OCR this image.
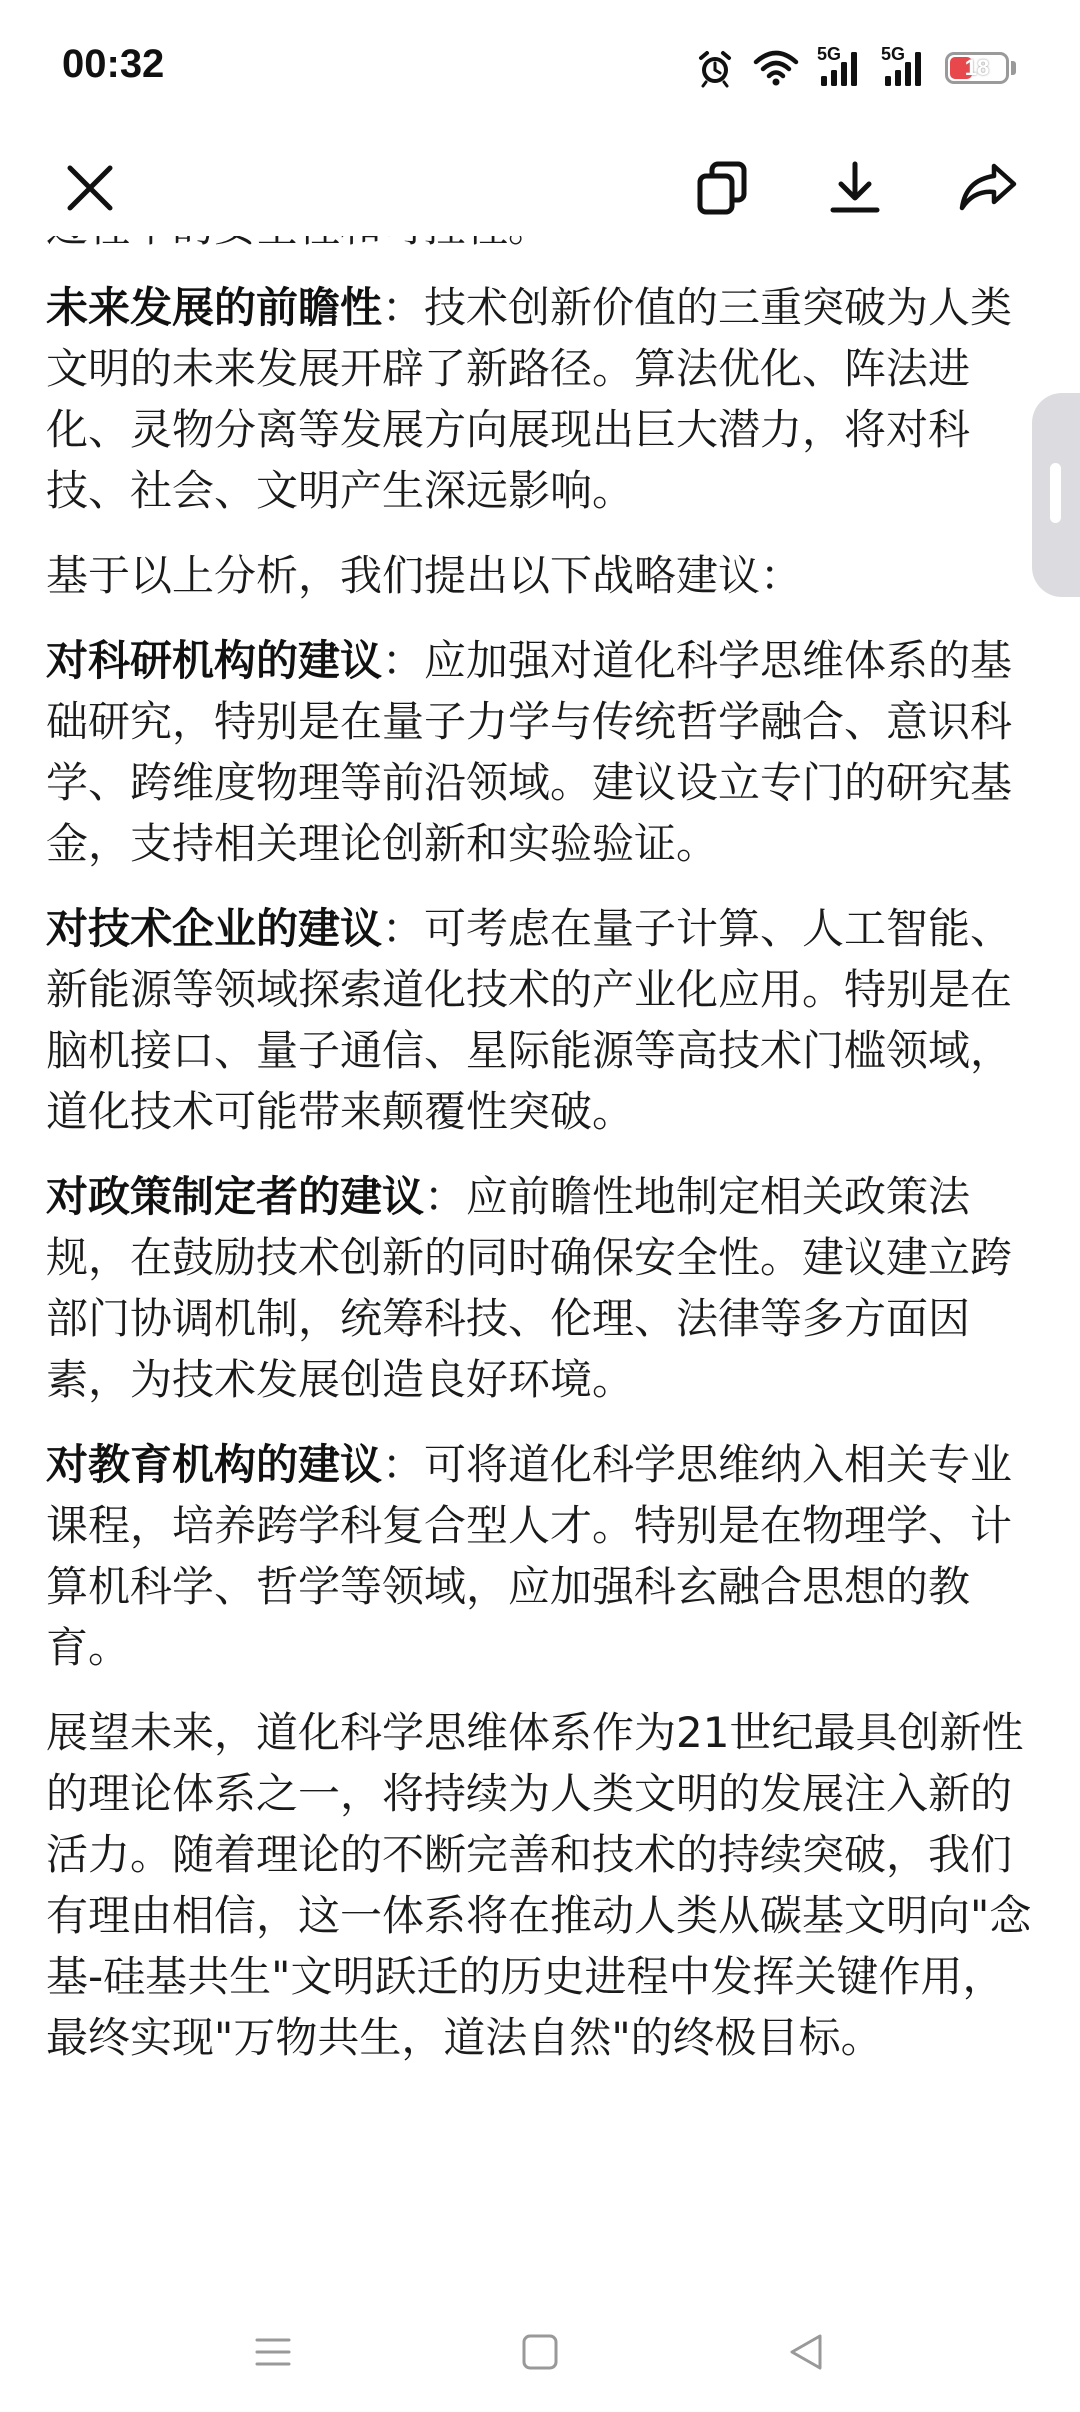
00:32	5G 5G
18

未来发展的前瞻性：技术创新价值的三重突破为人类文明的未来发展开辟了新路径。算法优化、阵法进化、灵物分离等发展方向展现出巨大潜力，将对科技、社会、文明产生深远影响。

基于以上分析，我们提出以下战略建议：

对科研机构的建议：应加强对道化科学思维体系的基础研究，特别是在量子力学与传统哲学融合、意识科学、跨维度物理等前沿领域。建议设立专门的研究基金，支持相关理论创新和实验验证。

对技术企业的建议：可考虑在量子计算、人工智能、新能源等领域探索道化技术的产业化应用。特别是在脑机接口、量子通信、星际能源等高技术门槛领域，道化技术可能带来颠覆性突破。

对政策制定者的建议：应前瞻性地制定相关政策法规，在鼓励技术创新的同时确保安全性。建议建立跨部门协调机制，统筹科技、伦理、法律等多方面因素，为技术发展创造良好环境。

对教育机构的建议：可将道化科学思维纳入相关专业课程，培养跨学科复合型人才。特别是在物理学、计算机科学、哲学等领域，应加强科玄融合思想的教育。

展望未来，道化科学思维体系作为21世纪最具创新性的理论体系之一，将持续为人类文明的发展注入新的活力。随着理论的不断完善和技术的持续突破，我们有理由相信，这一体系将在推动人类从碳基文明向"念基-硅基共生"文明跃迁的历史进程中发挥关键作用，最终实现"万物共生，道法自然"的终极目标。
